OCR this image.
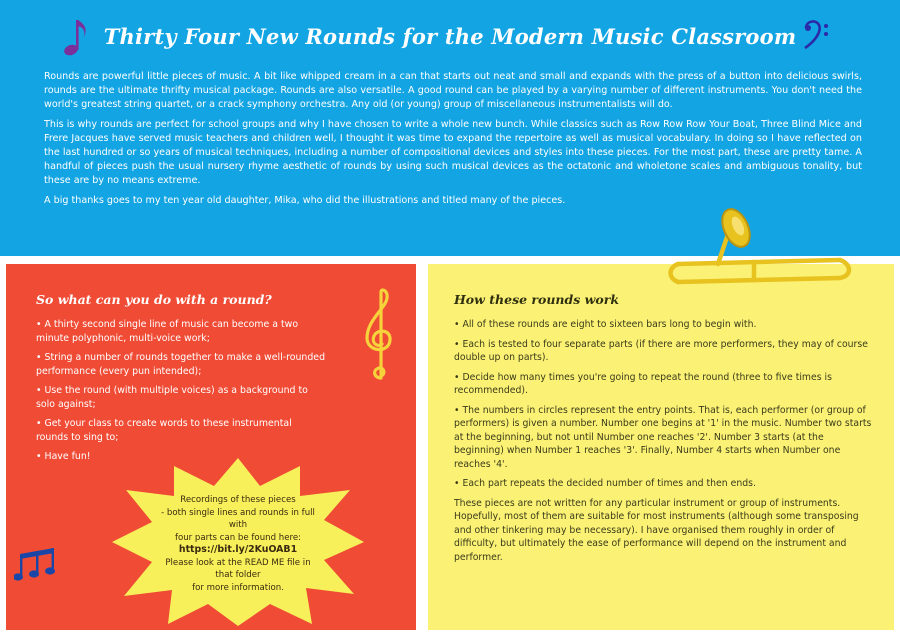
Thirty Four New Rounds for the Modern Music Classroom

Rounds are powerful little pieces of music. A bit like whipped cream in a can that starts out neat and small and expands with the press of a button into delicious swirls, rounds are the ultimate thrifty musical package. Rounds are also versatile. A good round can be played by a varying number of different instruments. You don't need the world's greatest string quartet, or a crack symphony orchestra. Any old (or young) group of miscellaneous instrumentalists will do.

This is why rounds are perfect for school groups and why I have chosen to write a whole new bunch. While classics such as Row Row Row Your Boat, Three Blind Mice and Frere Jacques have served music teachers and children well, I thought it was time to expand the repertoire as well as musical vocabulary. In doing so I have reflected on the last hundred or so years of musical techniques, including a number of compositional devices and styles into these pieces. For the most part, these are pretty tame. A handful of pieces push the usual nursery rhyme aesthetic of rounds by using such musical devices as the octatonic and wholetone scales and ambiguous tonality, but these are by no means extreme.

A big thanks goes to my ten year old daughter, Mika, who did the illustrations and titled many of the pieces.

So what can you do with a round?
• A thirty second single line of music can become a two minute polyphonic, multi-voice work;
• String a number of rounds together to make a well-rounded performance (every pun intended);
• Use the round (with multiple voices) as a background to solo against;
• Get your class to create words to these instrumental rounds to sing to;
• Have fun!
Recordings of these pieces
- both single lines and rounds in full with
four parts can be found here:
https://bit.ly/2KuOAB1
Please look at the READ ME file in that folder
for more information.
How these rounds work
• All of these rounds are eight to sixteen bars long to begin with.
• Each is tested to four separate parts (if there are more performers, they may of course double up on parts).
• Decide how many times you're going to repeat the round (three to five times is recommended).
• The numbers in circles represent the entry points. That is, each performer (or group of performers) is given a number. Number one begins at '1' in the music. Number two starts at the beginning, but not until Number one reaches '2'. Number 3 starts (at the beginning) when Number 1 reaches '3'. Finally, Number 4 starts when Number one reaches '4'.
• Each part repeats the decided number of times and then ends.
These pieces are not written for any particular instrument or group of instruments. Hopefully, most of them are suitable for most instruments (although some transposing and other tinkering may be necessary). I have organised them roughly in order of difficulty, but ultimately the ease of performance will depend on the instrument and performer.
